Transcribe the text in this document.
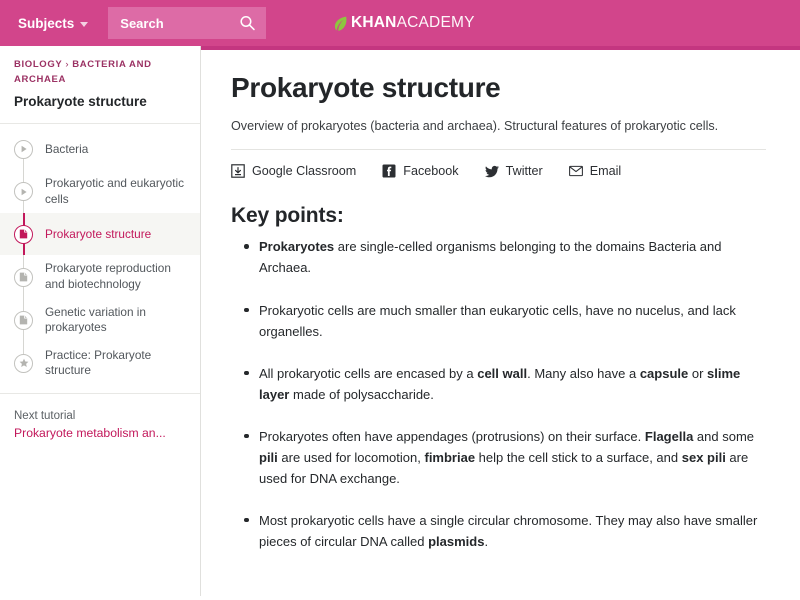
Subjects
Search	KHANACADEMY
BIOLOGY › BACTERIA AND ARCHAEA
Prokaryote structure
Bacteria
Prokaryotic and eukaryotic cells
Prokaryote structure
Prokaryote reproduction and biotechnology
Genetic variation in prokaryotes
Practice: Prokaryote structure
Next tutorial
Prokaryote metabolism an...
Prokaryote structure
Overview of prokaryotes (bacteria and archaea). Structural features of prokaryotic cells.
Google Classroom	Facebook	Twitter	Email
Key points:
Prokaryotes are single-celled organisms belonging to the domains Bacteria and Archaea.
Prokaryotic cells are much smaller than eukaryotic cells, have no nucelus, and lack organelles.
All prokaryotic cells are encased by a cell wall. Many also have a capsule or slime layer made of polysaccharide.
Prokaryotes often have appendages (protrusions) on their surface. Flagella and some pili are used for locomotion, fimbriae help the cell stick to a surface, and sex pili are used for DNA exchange.
Most prokaryotic cells have a single circular chromosome. They may also have smaller pieces of circular DNA called plasmids.
